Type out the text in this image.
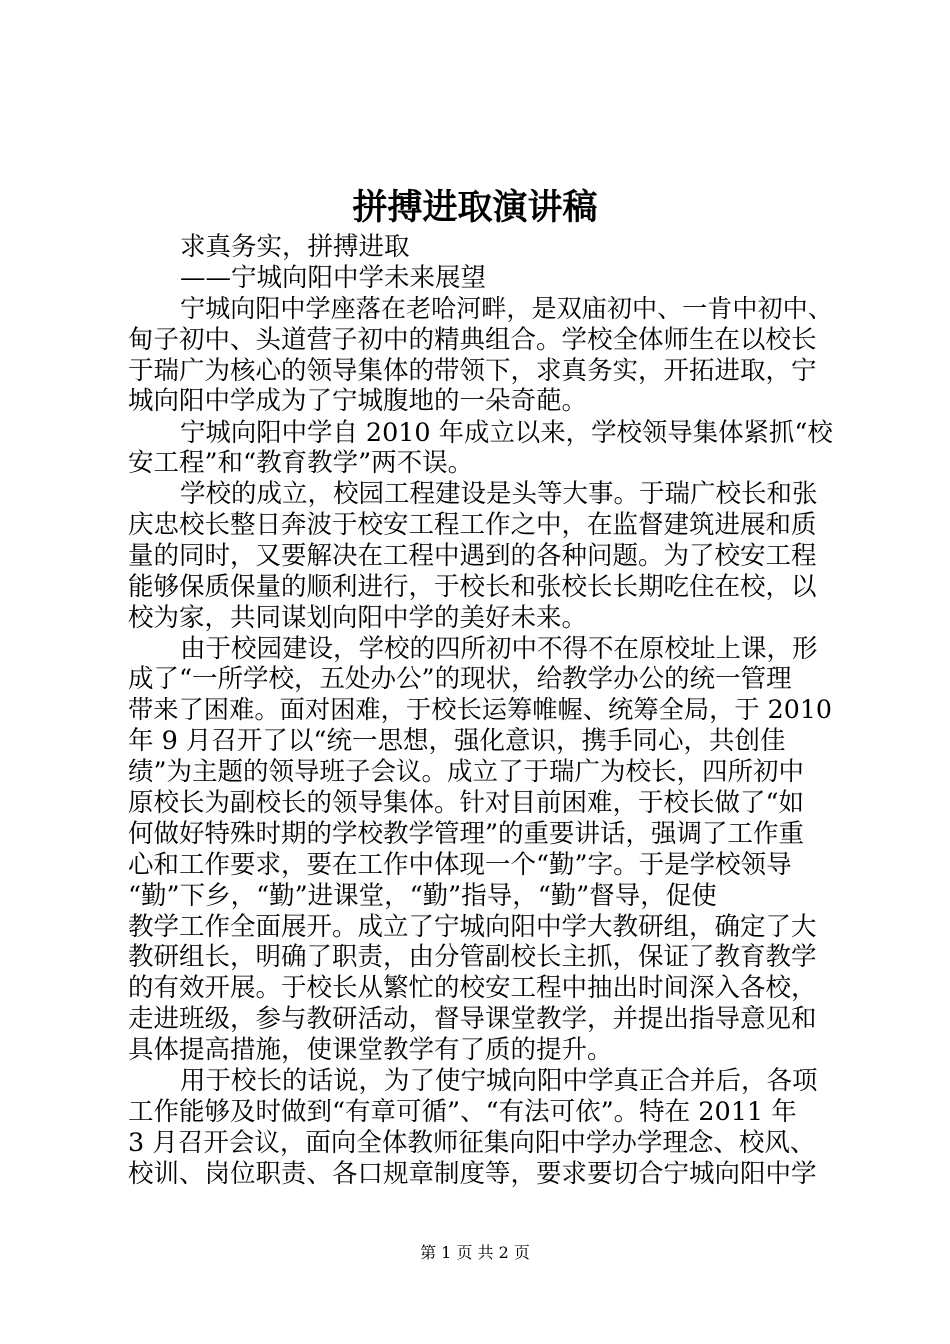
拼搏进取演讲稿
求真务实，拼搏进取
——宁城向阳中学未来展望
宁城向阳中学座落在老哈河畔，是双庙初中、一肯中初中、
甸子初中、头道营子初中的精典组合。学校全体师生在以校长
于瑞广为核心的领导集体的带领下，求真务实，开拓进取，宁
城向阳中学成为了宁城腹地的一朵奇葩。
宁城向阳中学自 2010 年成立以来，学校领导集体紧抓“校
安工程”和“教育教学”两不误。
学校的成立，校园工程建设是头等大事。于瑞广校长和张
庆忠校长整日奔波于校安工程工作之中，在监督建筑进展和质
量的同时，又要解决在工程中遇到的各种问题。为了校安工程
能够保质保量的顺利进行，于校长和张校长长期吃住在校，以
校为家，共同谋划向阳中学的美好未来。
由于校园建设，学校的四所初中不得不在原校址上课，形
成了“一所学校，五处办公”的现状，给教学办公的统一管理
带来了困难。面对困难，于校长运筹帷幄、统筹全局，于 2010
年 9 月召开了以“统一思想，强化意识，携手同心，共创佳
绩”为主题的领导班子会议。成立了于瑞广为校长，四所初中
原校长为副校长的领导集体。针对目前困难，于校长做了“如
何做好特殊时期的学校教学管理”的重要讲话，强调了工作重
心和工作要求，要在工作中体现一个“勤”字。于是学校领导
“勤”下乡，“勤”进课堂，“勤”指导，“勤”督导，促使
教学工作全面展开。成立了宁城向阳中学大教研组，确定了大
教研组长，明确了职责，由分管副校长主抓，保证了教育教学
的有效开展。于校长从繁忙的校安工程中抽出时间深入各校，
走进班级，参与教研活动，督导课堂教学，并提出指导意见和
具体提高措施，使课堂教学有了质的提升。
用于校长的话说，为了使宁城向阳中学真正合并后，各项
工作能够及时做到“有章可循”、“有法可依”。特在 2011 年
3 月召开会议，面向全体教师征集向阳中学办学理念、校风、
校训、岗位职责、各口规章制度等，要求要切合宁城向阳中学
第 1 页 共 2 页
